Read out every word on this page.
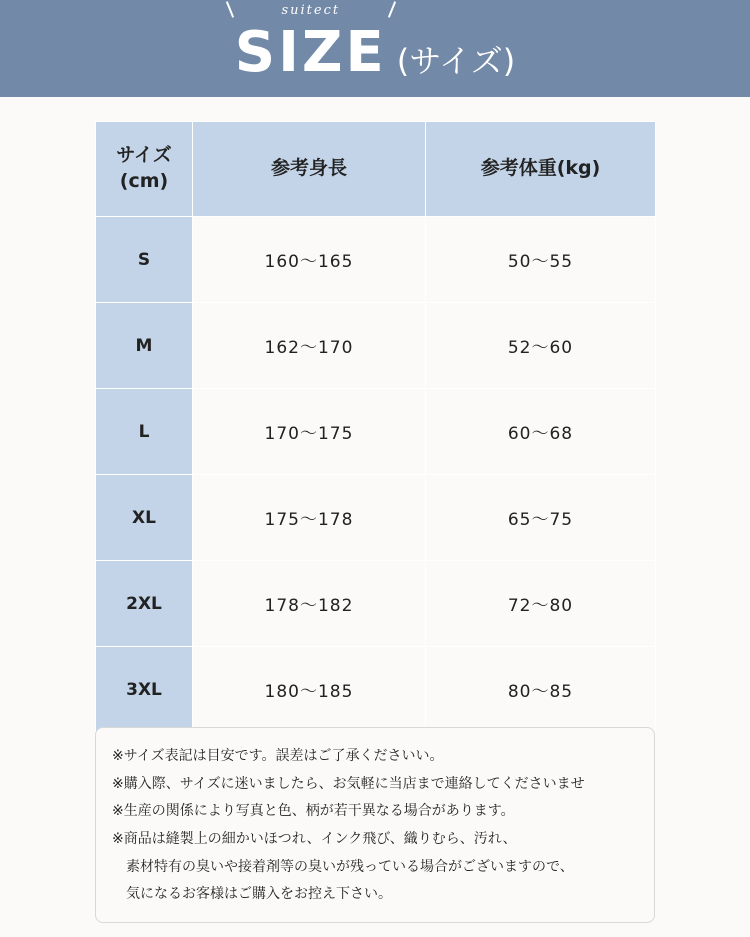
suitect
SIZE (サイズ)
サイズ
(cm)	参考身長	参考体重(kg)
S	160〜165	50〜55
M	162〜170	52〜60
L	170〜175	60〜68
XL	175〜178	65〜75
2XL	178〜182	72〜80
3XL	180〜185	80〜85

※サイズ表記は目安です。誤差はご了承くださいい。

※購入際、サイズに迷いましたら、お気軽に当店まで連絡してくださいませ

※生産の関係により写真と色、柄が若干異なる場合があります。

※商品は縫製上の細かいほつれ、インク飛び、織りむら、汚れ、

素材特有の臭いや接着剤等の臭いが残っている場合がございますので、

気になるお客様はご購入をお控え下さい。
